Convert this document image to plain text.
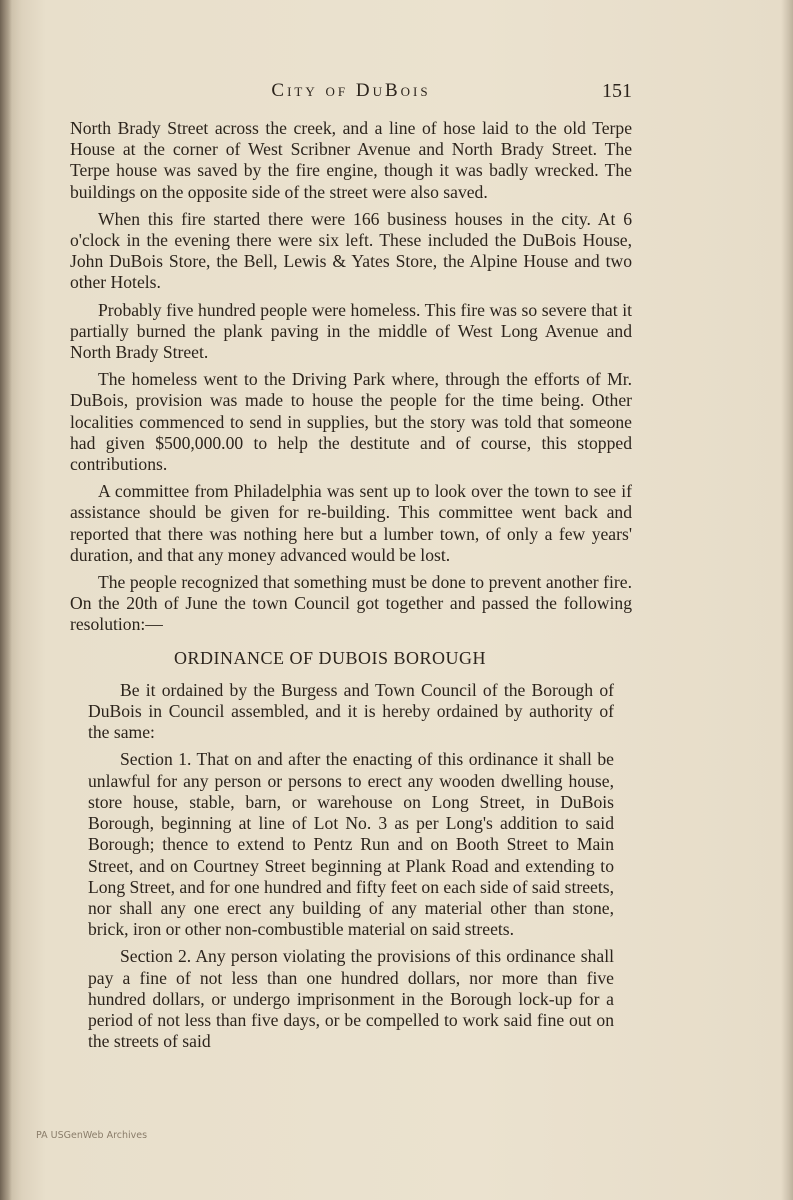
City of DuBois	151

North Brady Street across the creek, and a line of hose laid to the old Terpe House at the corner of West Scribner Avenue and North Brady Street. The Terpe house was saved by the fire engine, though it was badly wrecked. The buildings on the opposite side of the street were also saved.

When this fire started there were 166 business houses in the city. At 6 o'clock in the evening there were six left. These included the DuBois House, John DuBois Store, the Bell, Lewis & Yates Store, the Alpine House and two other Hotels.

Probably five hundred people were homeless. This fire was so severe that it partially burned the plank paving in the middle of West Long Avenue and North Brady Street.

The homeless went to the Driving Park where, through the efforts of Mr. DuBois, provision was made to house the people for the time being. Other localities commenced to send in supplies, but the story was told that someone had given $500,000.00 to help the destitute and of course, this stopped contributions.

A committee from Philadelphia was sent up to look over the town to see if assistance should be given for re-building. This committee went back and reported that there was nothing here but a lumber town, of only a few years' duration, and that any money advanced would be lost.

The people recognized that something must be done to prevent another fire. On the 20th of June the town Council got together and passed the following resolution:—

ORDINANCE OF DUBOIS BOROUGH

Be it ordained by the Burgess and Town Council of the Borough of DuBois in Council assembled, and it is hereby ordained by authority of the same:

Section 1. That on and after the enacting of this ordinance it shall be unlawful for any person or persons to erect any wooden dwelling house, store house, stable, barn, or warehouse on Long Street, in DuBois Borough, beginning at line of Lot No. 3 as per Long's addition to said Borough; thence to extend to Pentz Run and on Booth Street to Main Street, and on Courtney Street beginning at Plank Road and extending to Long Street, and for one hundred and fifty feet on each side of said streets, nor shall any one erect any building of any material other than stone, brick, iron or other non-combustible material on said streets.

Section 2. Any person violating the provisions of this ordinance shall pay a fine of not less than one hundred dollars, nor more than five hundred dollars, or undergo imprisonment in the Borough lock-up for a period of not less than five days, or be compelled to work said fine out on the streets of said

PA USGenWeb Archives
